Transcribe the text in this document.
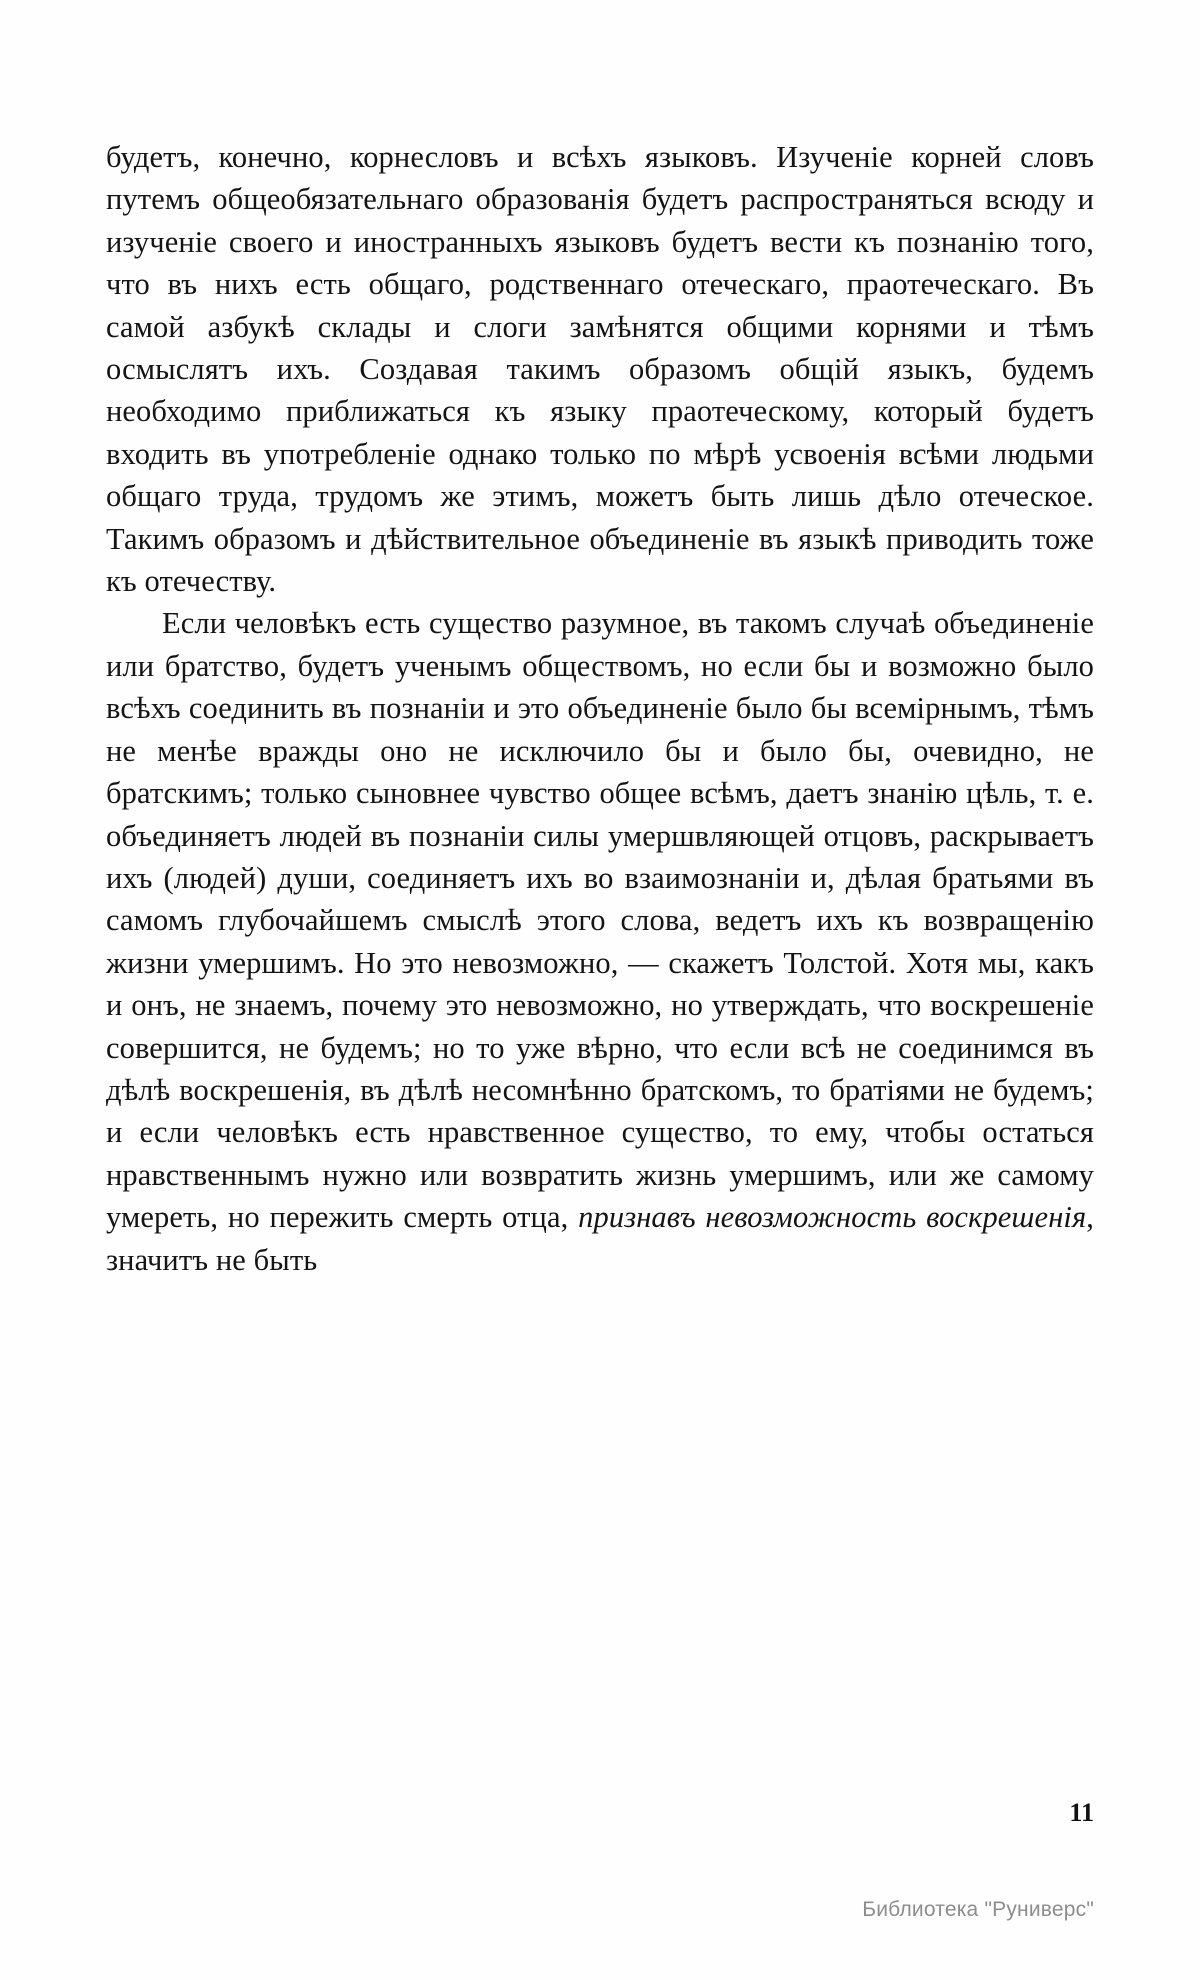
будетъ, конечно, корнесловъ и всѣхъ языковъ. Изученіе корней словъ путемъ общеобязательнаго образованія будетъ распространяться всюду и изученіе своего и иностранныхъ языковъ будетъ вести къ познанію того, что въ нихъ есть общаго, родственнаго отеческаго, праотеческаго. Въ самой азбукѣ склады и слоги замѣнятся общими корнями и тѣмъ осмыслятъ ихъ. Создавая такимъ образомъ общій языкъ, будемъ необходимо приближаться къ языку праотеческому, который будетъ входить въ употребленіе однако только по мѣрѣ усвоенія всѣми людьми общаго труда, трудомъ же этимъ, можетъ быть лишь дѣло отеческое. Такимъ образомъ и дѣйствительное объединеніе въ языкѣ приводить тоже къ отечеству.

Если человѣкъ есть существо разумное, въ такомъ случаѣ объединеніе или братство, будетъ ученымъ обществомъ, но если бы и возможно было всѣхъ соединить въ познаніи и это объединеніе было бы всемірнымъ, тѣмъ не менѣе вражды оно не исключило бы и было бы, очевидно, не братскимъ; только сыновнее чувство общее всѣмъ, даетъ знанію цѣль, т. е. объединяетъ людей въ познаніи силы умершвляющей отцовъ, раскрываетъ ихъ (людей) души, соединяетъ ихъ во взаимознаніи и, дѣлая братьями въ самомъ глубочайшемъ смыслѣ этого слова, ведетъ ихъ къ возвращенію жизни умершимъ. Но это невозможно, — скажетъ Толстой. Хотя мы, какъ и онъ, не знаемъ, почему это невозможно, но утверждать, что воскрешеніе совершится, не будемъ; но то уже вѣрно, что если всѣ не соединимся въ дѣлѣ воскрешенія, въ дѣлѣ несомнѣнно братскомъ, то братіями не будемъ; и если человѣкъ есть нравственное существо, то ему, чтобы остаться нравственнымъ нужно или возвратить жизнь умершимъ, или же самому умереть, но пережить смерть отца, признавъ невозможность воскрешенія, значитъ не быть

11
Библиотека "Руниверс"
